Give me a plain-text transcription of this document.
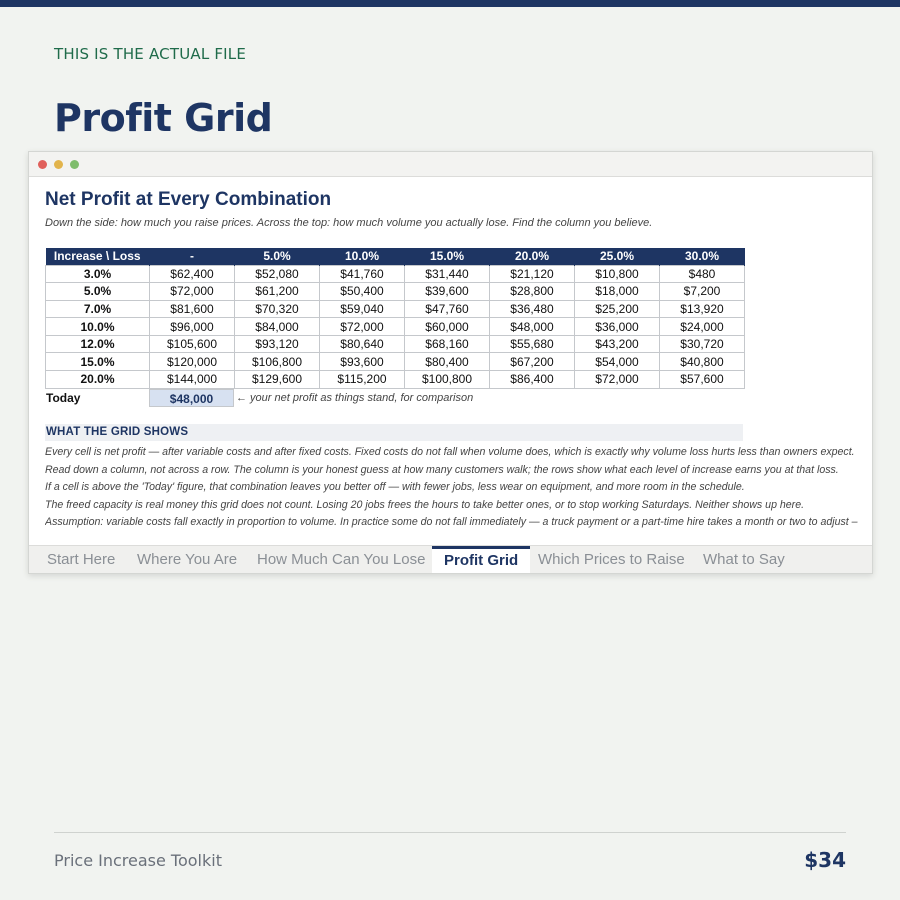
THIS IS THE ACTUAL FILE
Profit Grid
Net Profit at Every Combination
Down the side: how much you raise prices. Across the top: how much volume you actually lose. Find the column you believe.
Increase \ Loss	-	5.0%	10.0%	15.0%	20.0%	25.0%	30.0%
3.0%	$62,400	$52,080	$41,760	$31,440	$21,120	$10,800	$480
5.0%	$72,000	$61,200	$50,400	$39,600	$28,800	$18,000	$7,200
7.0%	$81,600	$70,320	$59,040	$47,760	$36,480	$25,200	$13,920
10.0%	$96,000	$84,000	$72,000	$60,000	$48,000	$36,000	$24,000
12.0%	$105,600	$93,120	$80,640	$68,160	$55,680	$43,200	$30,720
15.0%	$120,000	$106,800	$93,600	$80,400	$67,200	$54,000	$40,800
20.0%	$144,000	$129,600	$115,200	$100,800	$86,400	$72,000	$57,600
Today	$48,000	← your net profit as things stand, for comparison
WHAT THE GRID SHOWS
Every cell is net profit — after variable costs and after fixed costs. Fixed costs do not fall when volume does, which is exactly why volume loss hurts less than owners expect.
Read down a column, not across a row. The column is your honest guess at how many customers walk; the rows show what each level of increase earns you at that loss.
If a cell is above the 'Today' figure, that combination leaves you better off — with fewer jobs, less wear on equipment, and more room in the schedule.
The freed capacity is real money this grid does not count. Losing 20 jobs frees the hours to take better ones, or to stop working Saturdays. Neither shows up here.
Assumption: variable costs fall exactly in proportion to volume. In practice some do not fall immediately — a truck payment or a part-time hire takes a month or two to adjust –
Start Here	Where You Are	How Much Can You Lose	Profit Grid	Which Prices to Raise	What to Say
Price Increase Toolkit	$34
